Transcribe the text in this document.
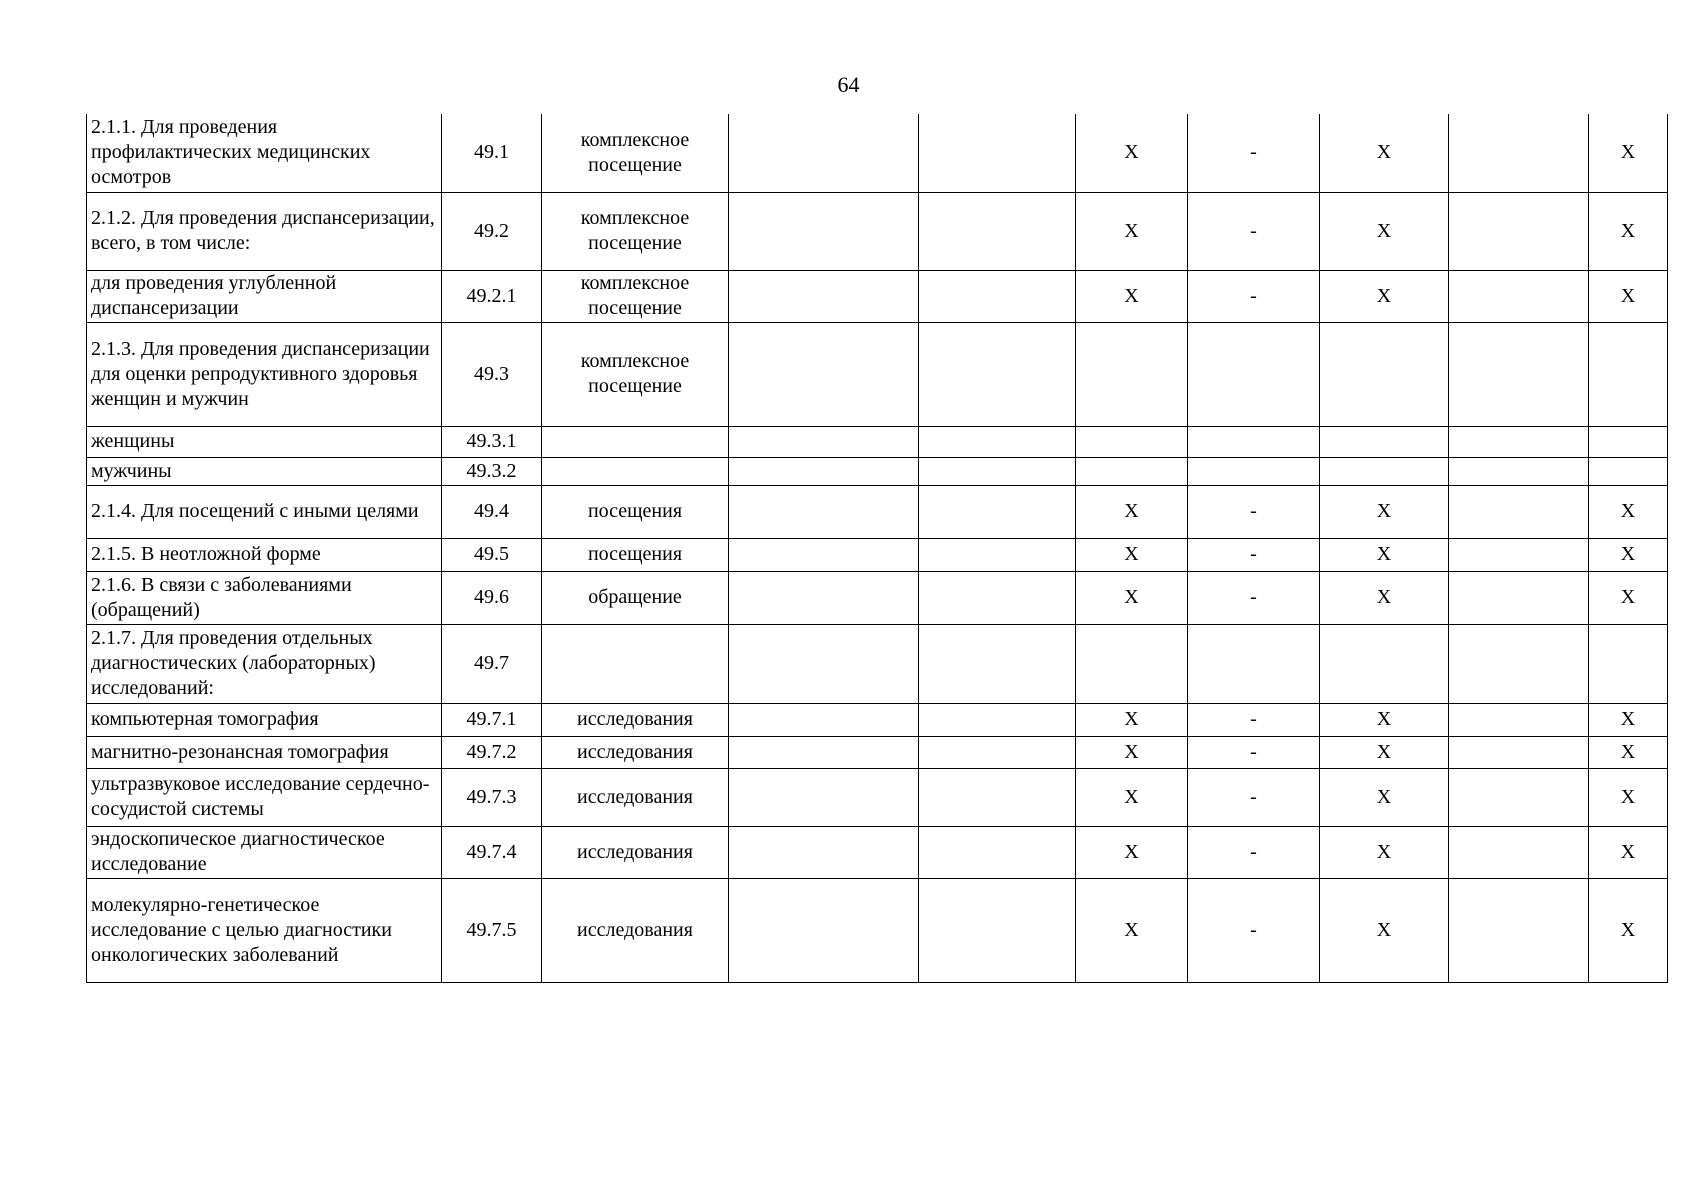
64
2.1.1. Для проведения профилактических медицинских осмотров	49.1	комплексное посещение			X	-	X		X
2.1.2. Для проведения диспансеризации, всего, в том числе:	49.2	комплексное посещение			X	-	X		X
для проведения углубленной диспансеризации	49.2.1	комплексное посещение			X	-	X		X
2.1.3. Для проведения диспансеризации для оценки репродуктивного здоровья женщин и мужчин	49.3	комплексное посещение							
женщины	49.3.1								
мужчины	49.3.2								
2.1.4. Для посещений с иными целями	49.4	посещения			X	-	X		X
2.1.5. В неотложной форме	49.5	посещения			X	-	X		X
2.1.6. В связи с заболеваниями (обращений)	49.6	обращение			X	-	X		X
2.1.7. Для проведения отдельных диагностических (лабораторных) исследований:	49.7								
компьютерная томография	49.7.1	исследования			X	-	X		X
магнитно-резонансная томография	49.7.2	исследования			X	-	X		X
ультразвуковое исследование сердечно-сосудистой системы	49.7.3	исследования			X	-	X		X
эндоскопическое диагностическое исследование	49.7.4	исследования			X	-	X		X
молекулярно-генетическое исследование с целью диагностики онкологических заболеваний	49.7.5	исследования			X	-	X		X
